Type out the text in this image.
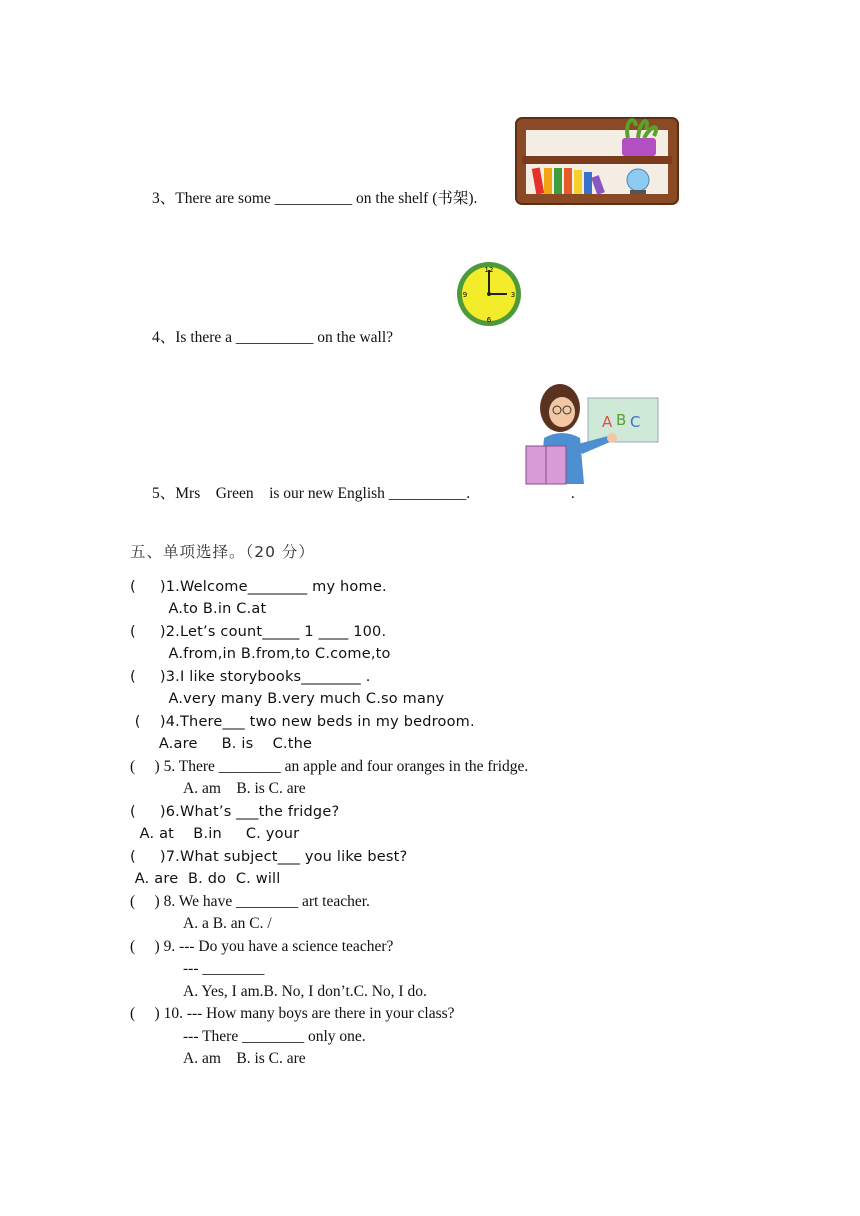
3、There are some __________ on the shelf (书架).
4、Is there a __________ on the wall?
5、Mrs    Green    is our new English __________.                          .
12
3
6
9
A B C
五、单项选择。（20 分）
(     )1.Welcome________ my home.
A.to B.in C.at
(     )2.Let’s count_____ 1 ____ 100.
A.from,in B.from,to C.come,to
(     )3.I like storybooks________ .
A.very many B.very much C.so many
(    )4.There___ two new beds in my bedroom.
A.are     B. is    C.the
(     ) 5. There ________ an apple and four oranges in the fridge.
A. am    B. is C. are
(     )6.What’s ___the fridge?
A. at    B.in     C. your
(     )7.What subject___ you like best?
A. are  B. do  C. will
(     ) 8. We have ________ art teacher.
A. a B. an C. /
(     ) 9. --- Do you have a science teacher?
--- ________
A. Yes, I am.B. No, I don’t.C. No, I do.
(     ) 10. --- How many boys are there in your class?
--- There ________ only one.
A. am    B. is C. are
